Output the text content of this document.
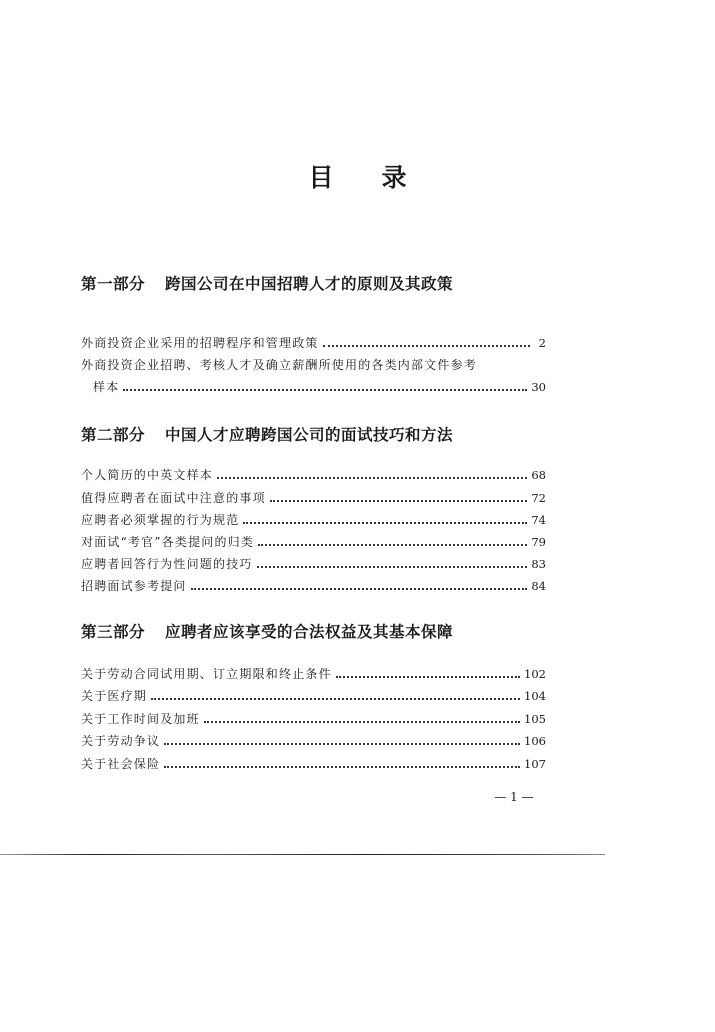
目录
第一部分 跨国公司在中国招聘人才的原则及其政策
外商投资企业采用的招聘程序和管理政策	2
外商投资企业招聘、考核人才及确立薪酬所使用的各类内部文件参考
样本	30
第二部分 中国人才应聘跨国公司的面试技巧和方法
个人简历的中英文样本	68
值得应聘者在面试中注意的事项	72
应聘者必须掌握的行为规范	74
对面试“考官”各类提问的归类	79
应聘者回答行为性问题的技巧	83
招聘面试参考提问	84
第三部分 应聘者应该享受的合法权益及其基本保障
关于劳动合同试用期、订立期限和终止条件	102
关于医疗期	104
关于工作时间及加班	105
关于劳动争议	106
关于社会保险	107
— 1 —
